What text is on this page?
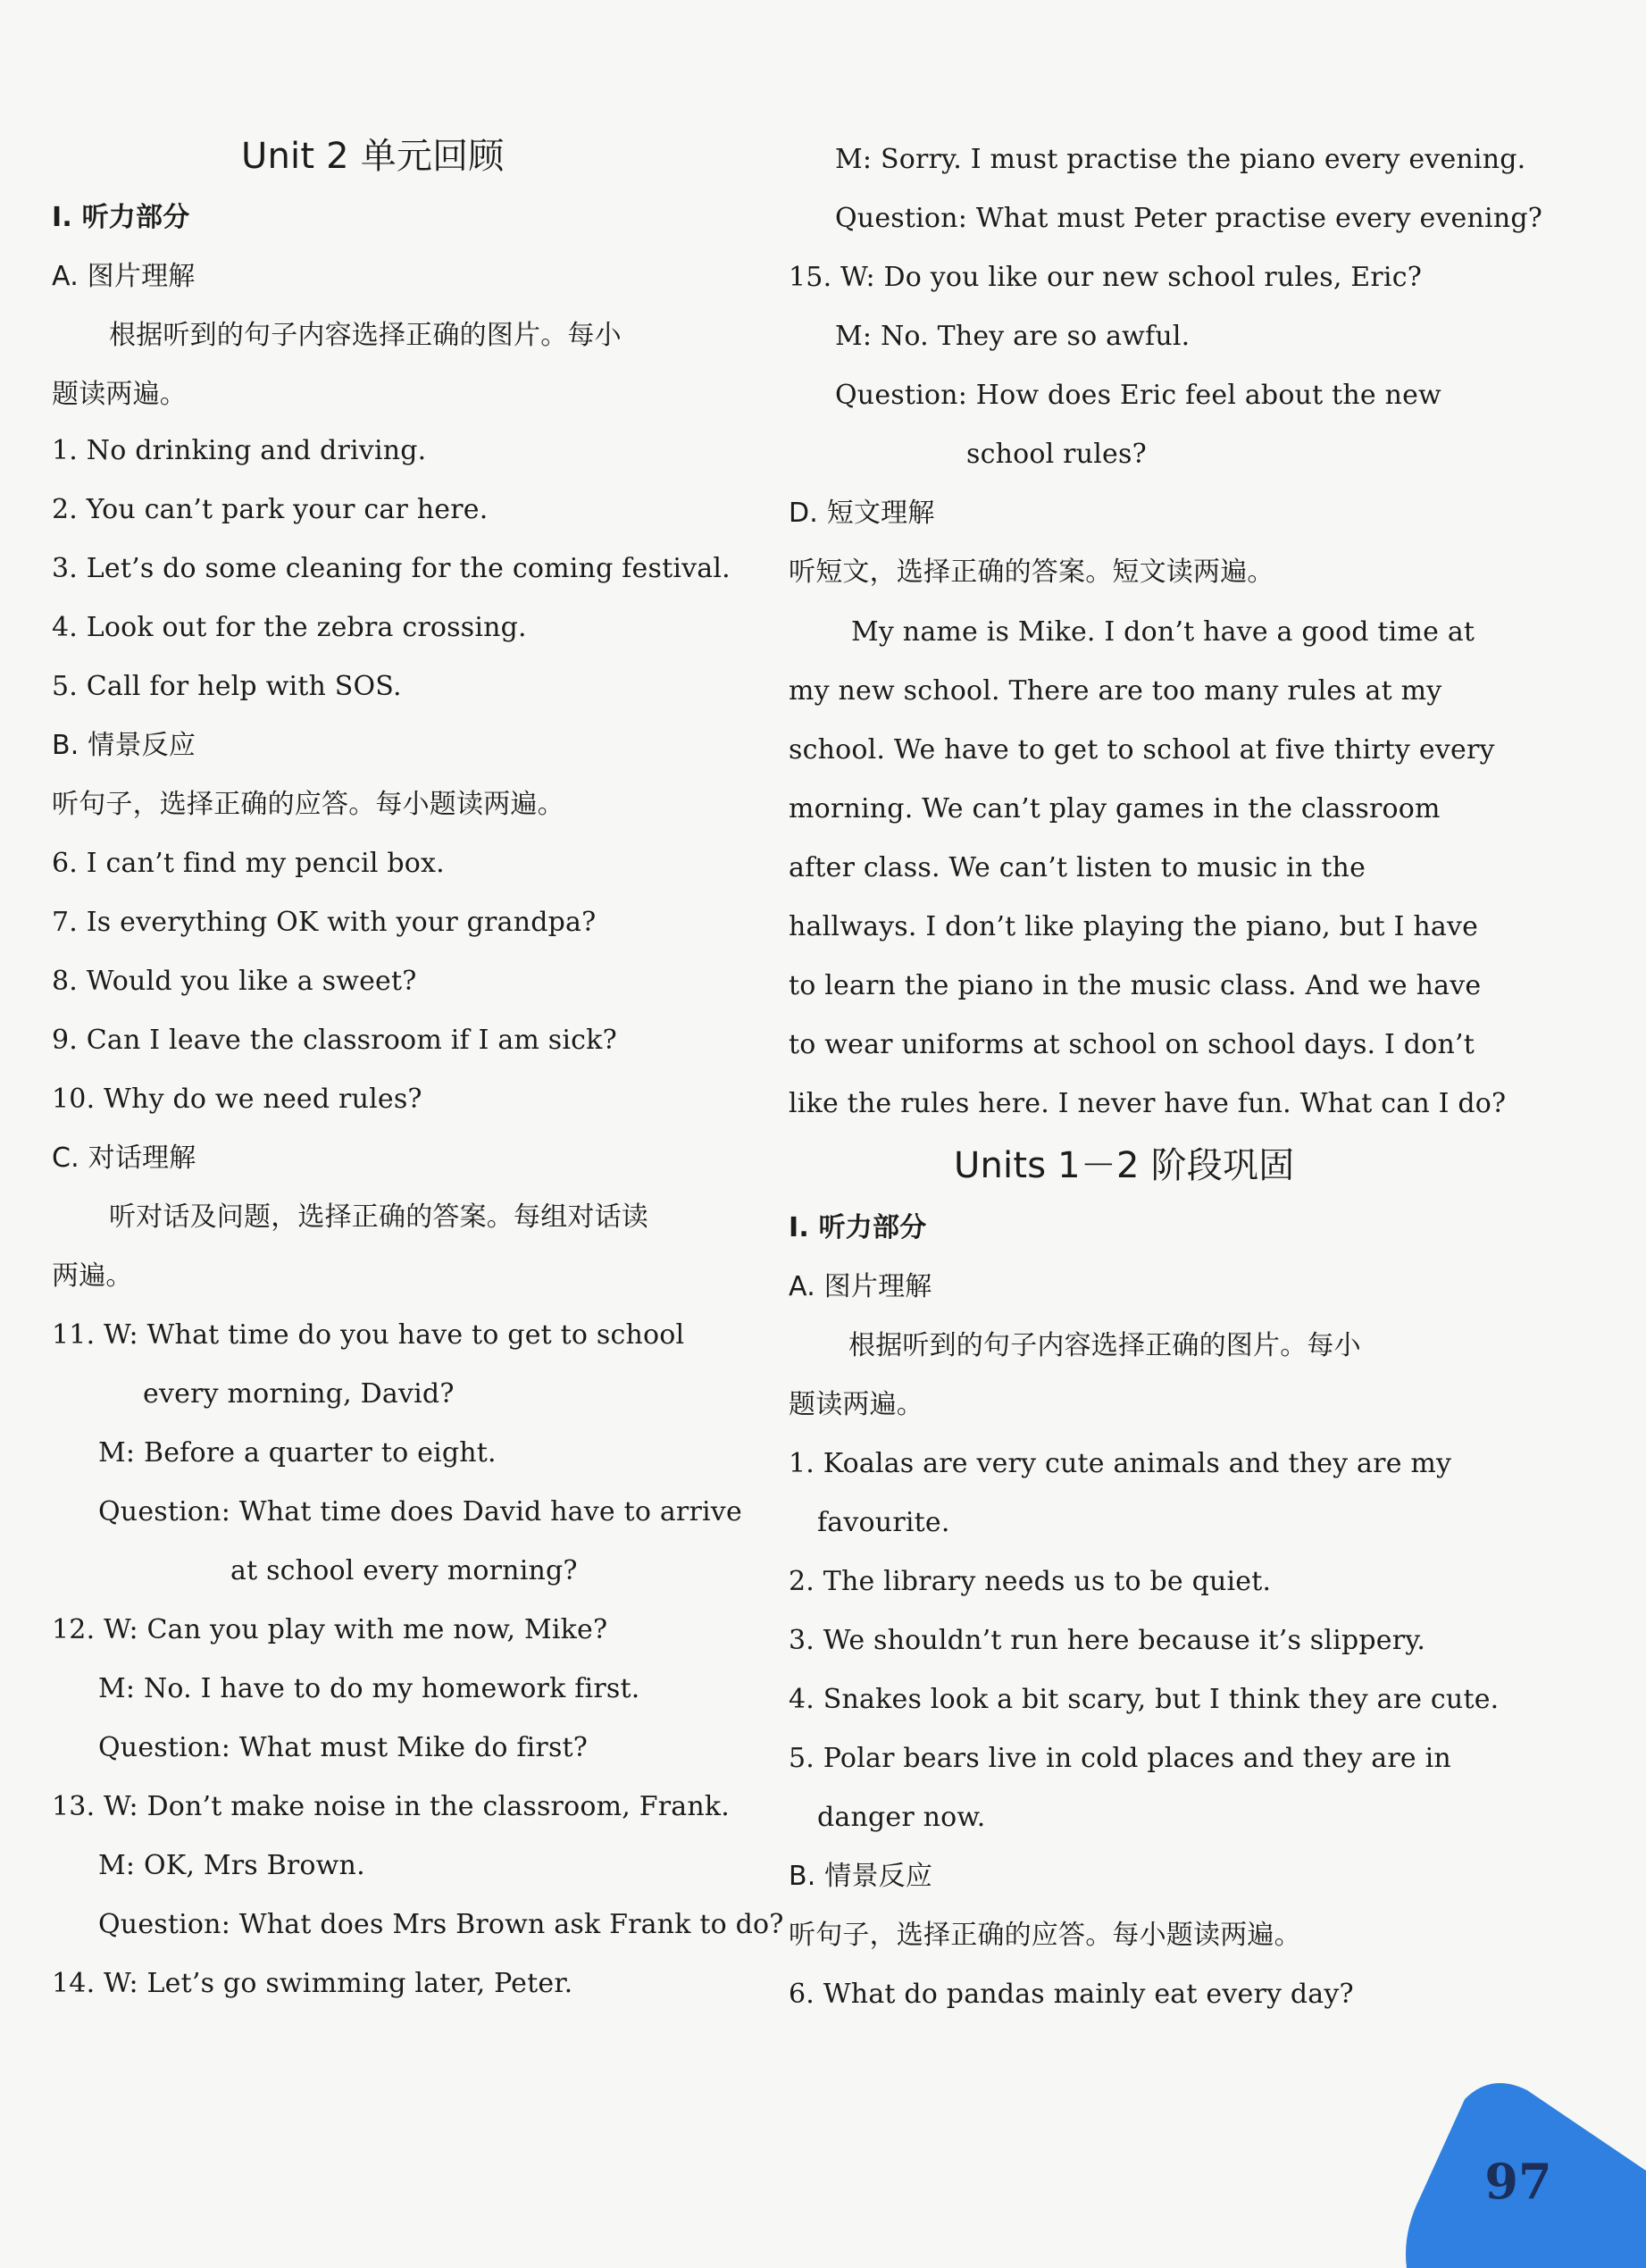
Unit 2 单元回顾
Ⅰ. 听力部分
A. 图片理解
根据听到的句子内容选择正确的图片。每小
题读两遍。
1. No drinking and driving.
2. You can’t park your car here.
3. Let’s do some cleaning for the coming festival.
4. Look out for the zebra crossing.
5. Call for help with SOS.
B. 情景反应
听句子，选择正确的应答。每小题读两遍。
6. I can’t find my pencil box.
7. Is everything OK with your grandpa?
8. Would you like a sweet?
9. Can I leave the classroom if I am sick?
10. Why do we need rules?
C. 对话理解
听对话及问题，选择正确的答案。每组对话读
两遍。
11. W: What time do you have to get to school
every morning, David?
M: Before a quarter to eight.
Question: What time does David have to arrive
at school every morning?
12. W: Can you play with me now, Mike?
M: No. I have to do my homework first.
Question: What must Mike do first?
13. W: Don’t make noise in the classroom, Frank.
M: OK, Mrs Brown.
Question: What does Mrs Brown ask Frank to do?
14. W: Let’s go swimming later, Peter.
M: Sorry. I must practise the piano every evening.
Question: What must Peter practise every evening?
15. W: Do you like our new school rules, Eric?
M: No. They are so awful.
Question: How does Eric feel about the new
school rules?
D. 短文理解
听短文，选择正确的答案。短文读两遍。
My name is Mike. I don’t have a good time at
my new school. There are too many rules at my
school. We have to get to school at five thirty every
morning. We can’t play games in the classroom
after class. We can’t listen to music in the
hallways. I don’t like playing the piano, but I have
to learn the piano in the music class. And we have
to wear uniforms at school on school days. I don’t
like the rules here. I never have fun. What can I do?
Units 1－2 阶段巩固
Ⅰ. 听力部分
A. 图片理解
根据听到的句子内容选择正确的图片。每小
题读两遍。
1. Koalas are very cute animals and they are my
favourite.
2. The library needs us to be quiet.
3. We shouldn’t run here because it’s slippery.
4. Snakes look a bit scary, but I think they are cute.
5. Polar bears live in cold places and they are in
danger now.
B. 情景反应
听句子，选择正确的应答。每小题读两遍。
6. What do pandas mainly eat every day?
97
